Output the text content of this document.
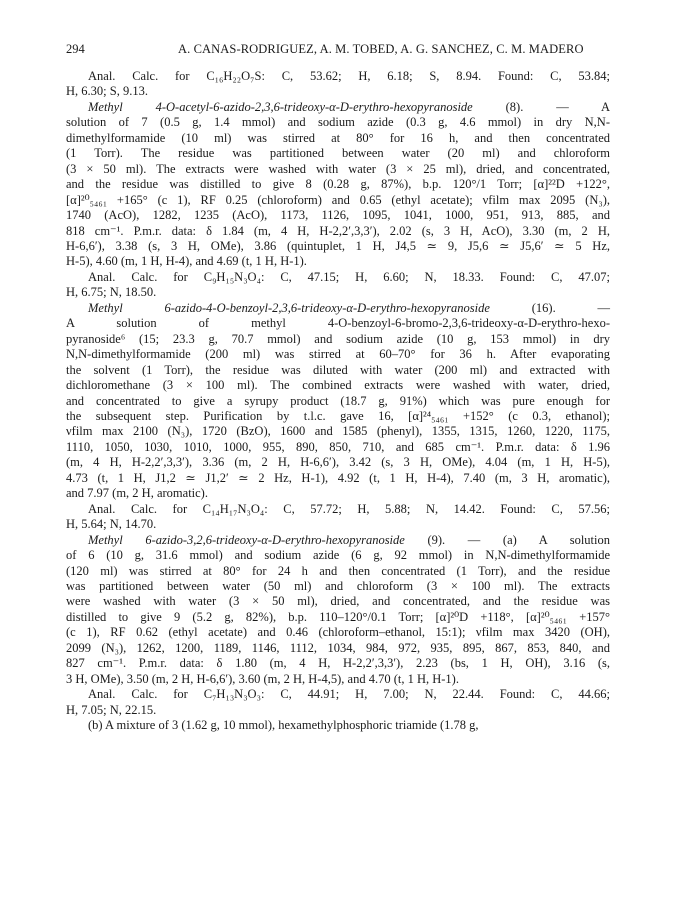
294	A. CANAS-RODRIGUEZ, A. M. TOBED, A. G. SANCHEZ, C. M. MADERO
Anal. Calc. for C₁₆H₂₂O₇S: C, 53.62; H, 6.18; S, 8.94. Found: C, 53.84;
H, 6.30; S, 9.13.
Methyl 4-O-acetyl-6-azido-2,3,6-trideoxy-α-D-erythro-hexopyranoside (8). — A
solution of 7 (0.5 g, 1.4 mmol) and sodium azide (0.3 g, 4.6 mmol) in dry N,N-
dimethylformamide (10 ml) was stirred at 80° for 16 h, and then concentrated
(1 Torr). The residue was partitioned between water (20 ml) and chloroform
(3 × 50 ml). The extracts were washed with water (3 × 25 ml), dried, and concentrated,
and the residue was distilled to give 8 (0.28 g, 87%), b.p. 120°/1 Torr; [α]²²D +122°,
[α]²⁰₅₄₆₁ +165° (c 1), RF 0.25 (chloroform) and 0.65 (ethyl acetate); νfilm max 2095 (N₃),
1740 (AcO), 1282, 1235 (AcO), 1173, 1126, 1095, 1041, 1000, 951, 913, 885, and
818 cm⁻¹. P.m.r. data: δ 1.84 (m, 4 H, H-2,2′,3,3′), 2.02 (s, 3 H, AcO), 3.30 (m, 2 H,
H-6,6′), 3.38 (s, 3 H, OMe), 3.86 (quintuplet, 1 H, J4,5 ≃ 9, J5,6 ≃ J5,6′ ≃ 5 Hz,
H-5), 4.60 (m, 1 H, H-4), and 4.69 (t, 1 H, H-1).
Anal. Calc. for C₉H₁₅N₃O₄: C, 47.15; H, 6.60; N, 18.33. Found: C, 47.07;
H, 6.75; N, 18.50.
Methyl 6-azido-4-O-benzoyl-2,3,6-trideoxy-α-D-erythro-hexopyranoside (16). —
A solution of methyl 4-O-benzoyl-6-bromo-2,3,6-trideoxy-α-D-erythro-hexo-
pyranoside⁶ (15; 23.3 g, 70.7 mmol) and sodium azide (10 g, 153 mmol) in dry
N,N-dimethylformamide (200 ml) was stirred at 60–70° for 36 h. After evaporating
the solvent (1 Torr), the residue was diluted with water (200 ml) and extracted with
dichloromethane (3 × 100 ml). The combined extracts were washed with water, dried,
and concentrated to give a syrupy product (18.7 g, 91%) which was pure enough for
the subsequent step. Purification by t.l.c. gave 16, [α]²⁴₅₄₆₁ +152° (c 0.3, ethanol);
νfilm max 2100 (N₃), 1720 (BzO), 1600 and 1585 (phenyl), 1355, 1315, 1260, 1220, 1175,
1110, 1050, 1030, 1010, 1000, 955, 890, 850, 710, and 685 cm⁻¹. P.m.r. data: δ 1.96
(m, 4 H, H-2,2′,3,3′), 3.36 (m, 2 H, H-6,6′), 3.42 (s, 3 H, OMe), 4.04 (m, 1 H, H-5),
4.73 (t, 1 H, J1,2 ≃ J1,2′ ≃ 2 Hz, H-1), 4.92 (t, 1 H, H-4), 7.40 (m, 3 H, aromatic),
and 7.97 (m, 2 H, aromatic).
Anal. Calc. for C₁₄H₁₇N₃O₄: C, 57.72; H, 5.88; N, 14.42. Found: C, 57.56;
H, 5.64; N, 14.70.
Methyl 6-azido-3,2,6-trideoxy-α-D-erythro-hexopyranoside (9). — (a) A solution
of 6 (10 g, 31.6 mmol) and sodium azide (6 g, 92 mmol) in N,N-dimethylformamide
(120 ml) was stirred at 80° for 24 h and then concentrated (1 Torr), and the residue
was partitioned between water (50 ml) and chloroform (3 × 100 ml). The extracts
were washed with water (3 × 50 ml), dried, and concentrated, and the residue was
distilled to give 9 (5.2 g, 82%), b.p. 110–120°/0.1 Torr; [α]²⁰D +118°, [α]²⁰₅₄₆₁ +157°
(c 1), RF 0.62 (ethyl acetate) and 0.46 (chloroform–ethanol, 15:1); νfilm max 3420 (OH),
2099 (N₃), 1262, 1200, 1189, 1146, 1112, 1034, 984, 972, 935, 895, 867, 853, 840, and
827 cm⁻¹. P.m.r. data: δ 1.80 (m, 4 H, H-2,2′,3,3′), 2.23 (bs, 1 H, OH), 3.16 (s,
3 H, OMe), 3.50 (m, 2 H, H-6,6′), 3.60 (m, 2 H, H-4,5), and 4.70 (t, 1 H, H-1).
Anal. Calc. for C₇H₁₃N₃O₃: C, 44.91; H, 7.00; N, 22.44. Found: C, 44.66;
H, 7.05; N, 22.15.
(b) A mixture of 3 (1.62 g, 10 mmol), hexamethylphosphoric triamide (1.78 g,
